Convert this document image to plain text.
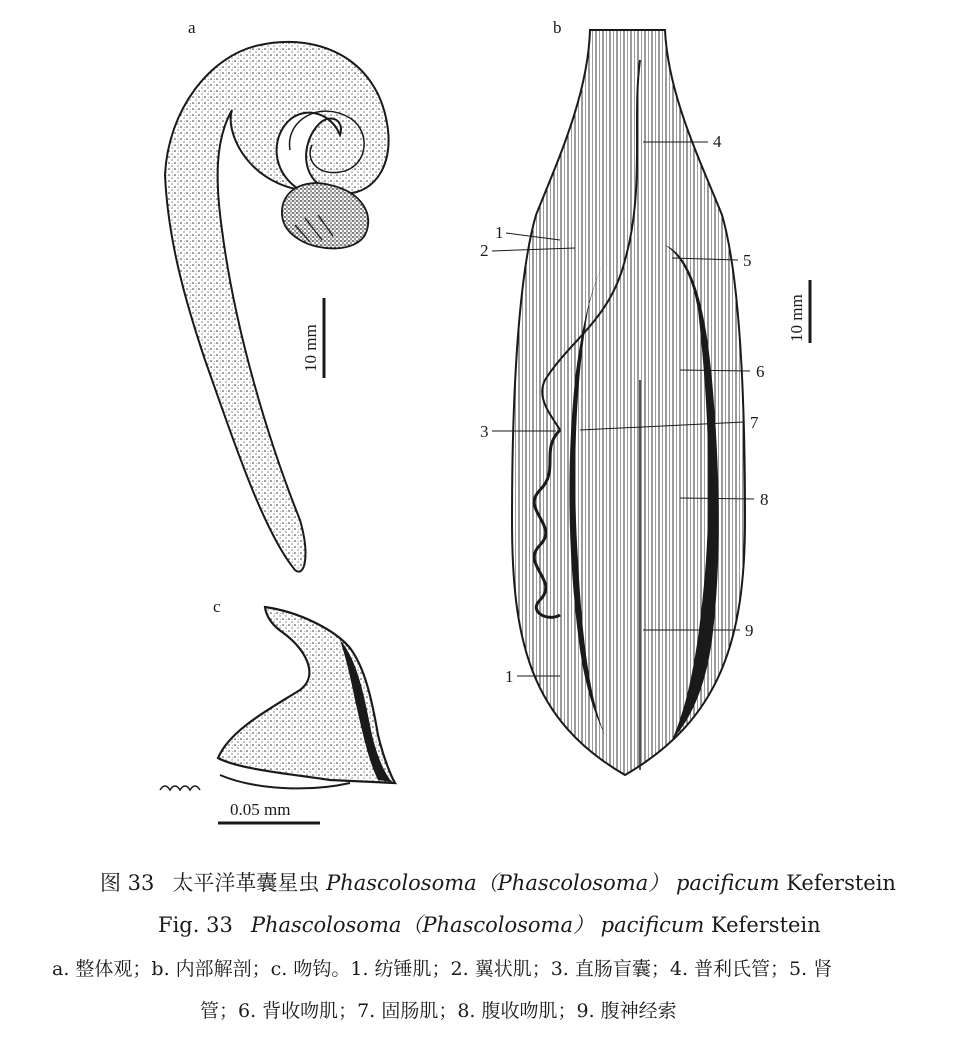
a
10 mm
c
0.05 mm
b
1
2
3
4
5
6
7
8
9
1
10 mm
图 33 太平洋革囊星虫 Phascolosoma（Phascolosoma） pacificum Keferstein
Fig. 33 Phascolosoma（Phascolosoma） pacificum Keferstein
a. 整体观；b. 内部解剖；c. 吻钩。1. 纺锤肌；2. 翼状肌；3. 直肠盲囊；4. 普利氏管；5. 肾
管；6. 背收吻肌；7. 固肠肌；8. 腹收吻肌；9. 腹神经索
